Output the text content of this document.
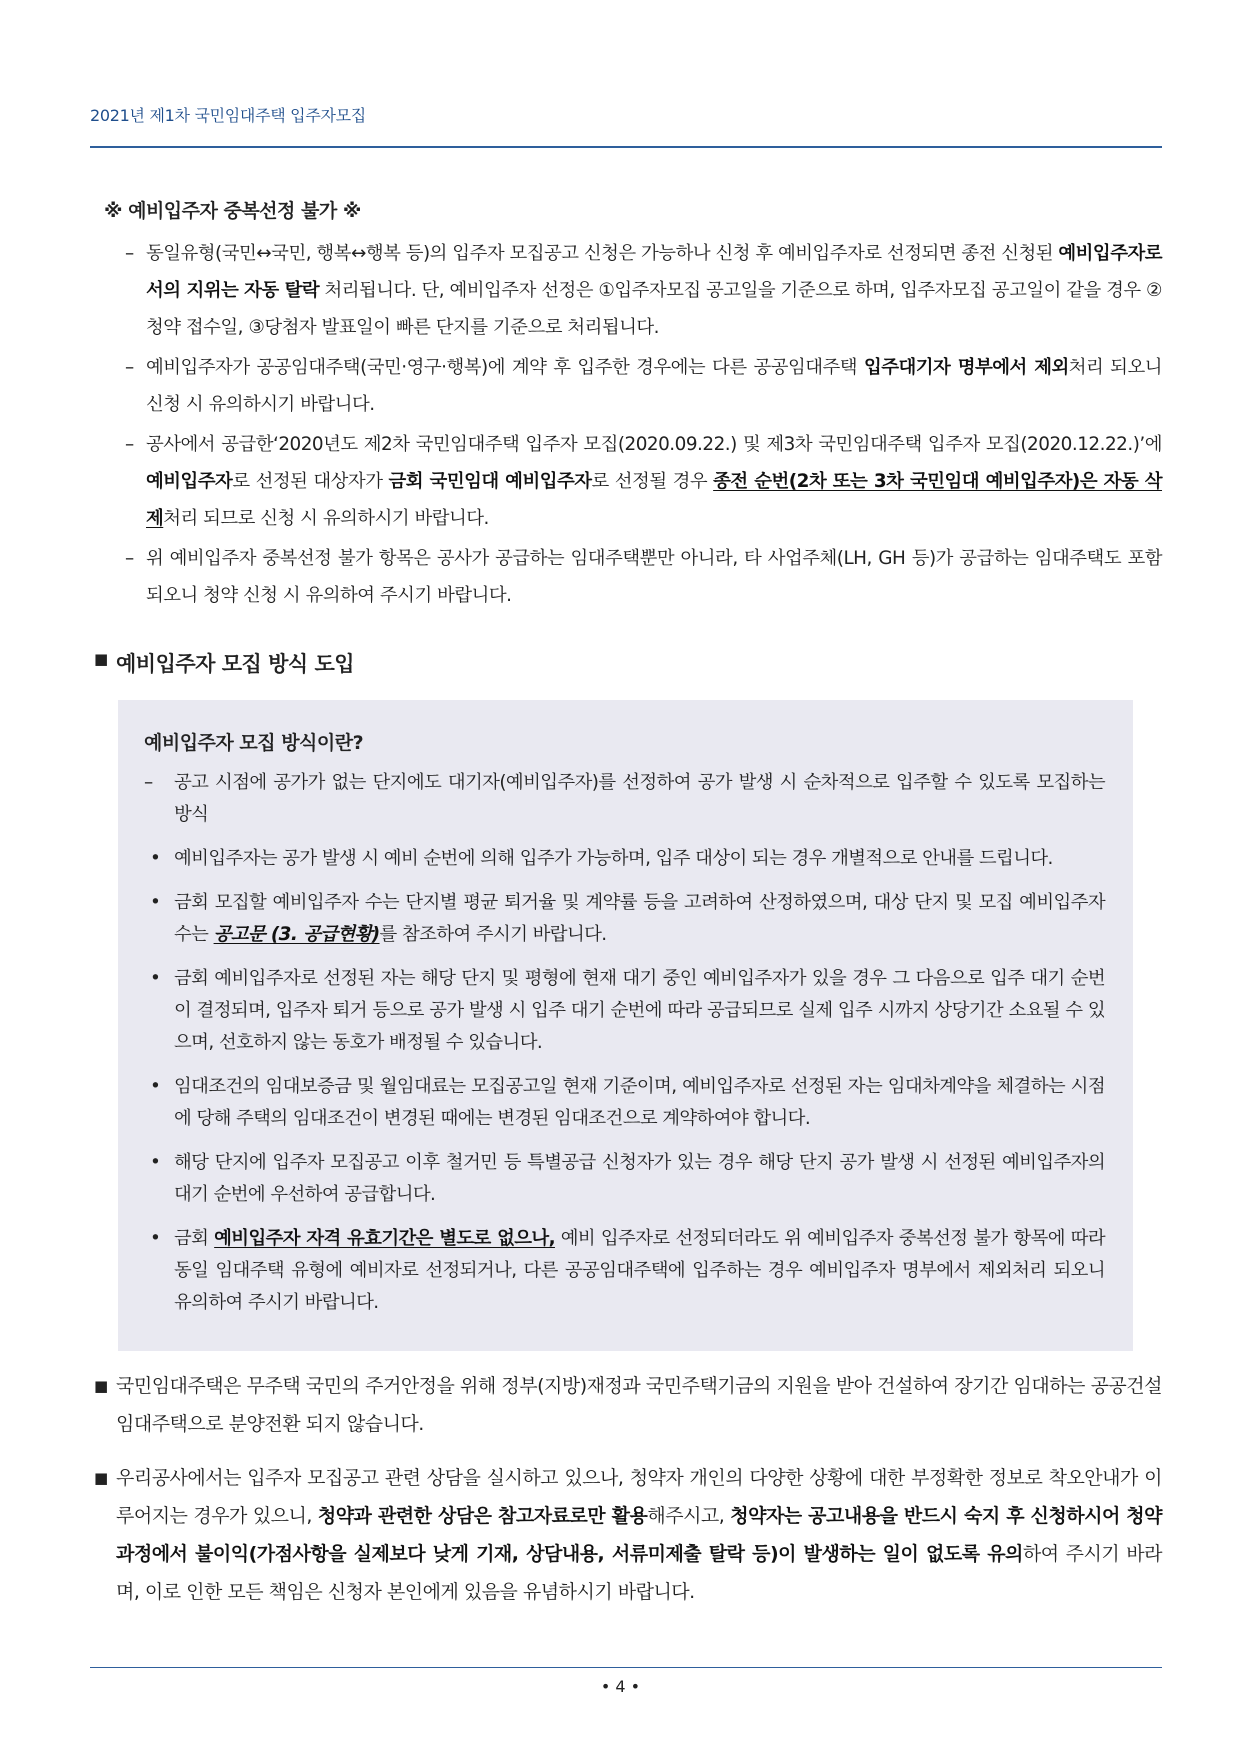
2021년 제1차 국민임대주택 입주자모집
※ 예비입주자 중복선정 불가 ※
– 동일유형(국민↔국민, 행복↔행복 등)의 입주자 모집공고 신청은 가능하나 신청 후 예비입주자로 선정되면 종전 신청된 예비입주자로서의 지위는 자동 탈락 처리됩니다. 단, 예비입주자 선정은 ①입주자모집 공고일을 기준으로 하며, 입주자모집 공고일이 같을 경우 ②청약 접수일, ③당첨자 발표일이 빠른 단지를 기준으로 처리됩니다.
– 예비입주자가 공공임대주택(국민·영구·행복)에 계약 후 입주한 경우에는 다른 공공임대주택 입주대기자 명부에서 제외처리 되오니 신청 시 유의하시기 바랍니다.
– 공사에서 공급한‘2020년도 제2차 국민임대주택 입주자 모집(2020.09.22.) 및 제3차 국민임대주택 입주자 모집(2020.12.22.)’에 예비입주자로 선정된 대상자가 금회 국민임대 예비입주자로 선정될 경우 종전 순번(2차 또는 3차 국민임대 예비입주자)은 자동 삭제처리 되므로 신청 시 유의하시기 바랍니다.
– 위 예비입주자 중복선정 불가 항목은 공사가 공급하는 임대주택뿐만 아니라, 타 사업주체(LH, GH 등)가 공급하는 임대주택도 포함되오니 청약 신청 시 유의하여 주시기 바랍니다.
■ 예비입주자 모집 방식 도입
예비입주자 모집 방식이란?
– 공고 시점에 공가가 없는 단지에도 대기자(예비입주자)를 선정하여 공가 발생 시 순차적으로 입주할 수 있도록 모집하는 방식
• 예비입주자는 공가 발생 시 예비 순번에 의해 입주가 가능하며, 입주 대상이 되는 경우 개별적으로 안내를 드립니다.
• 금회 모집할 예비입주자 수는 단지별 평균 퇴거율 및 계약률 등을 고려하여 산정하였으며, 대상 단지 및 모집 예비입주자 수는 공고문 (3. 공급현황)를 참조하여 주시기 바랍니다.
• 금회 예비입주자로 선정된 자는 해당 단지 및 평형에 현재 대기 중인 예비입주자가 있을 경우 그 다음으로 입주 대기 순번이 결정되며, 입주자 퇴거 등으로 공가 발생 시 입주 대기 순번에 따라 공급되므로 실제 입주 시까지 상당기간 소요될 수 있으며, 선호하지 않는 동호가 배정될 수 있습니다.
• 임대조건의 임대보증금 및 월임대료는 모집공고일 현재 기준이며, 예비입주자로 선정된 자는 임대차계약을 체결하는 시점에 당해 주택의 임대조건이 변경된 때에는 변경된 임대조건으로 계약하여야 합니다.
• 해당 단지에 입주자 모집공고 이후 철거민 등 특별공급 신청자가 있는 경우 해당 단지 공가 발생 시 선정된 예비입주자의 대기 순번에 우선하여 공급합니다.
• 금회 예비입주자 자격 유효기간은 별도로 없으나, 예비 입주자로 선정되더라도 위 예비입주자 중복선정 불가 항목에 따라 동일 임대주택 유형에 예비자로 선정되거나, 다른 공공임대주택에 입주하는 경우 예비입주자 명부에서 제외처리 되오니 유의하여 주시기 바랍니다.
■ 국민임대주택은 무주택 국민의 주거안정을 위해 정부(지방)재정과 국민주택기금의 지원을 받아 건설하여 장기간 임대하는 공공건설임대주택으로 분양전환 되지 않습니다.
■ 우리공사에서는 입주자 모집공고 관련 상담을 실시하고 있으나, 청약자 개인의 다양한 상황에 대한 부정확한 정보로 착오안내가 이루어지는 경우가 있으니, 청약과 관련한 상담은 참고자료로만 활용해주시고, 청약자는 공고내용을 반드시 숙지 후 신청하시어 청약과정에서 불이익(가점사항을 실제보다 낮게 기재, 상담내용, 서류미제출 탈락 등)이 발생하는 일이 없도록 유의하여 주시기 바라며, 이로 인한 모든 책임은 신청자 본인에게 있음을 유념하시기 바랍니다.
• 4 •
